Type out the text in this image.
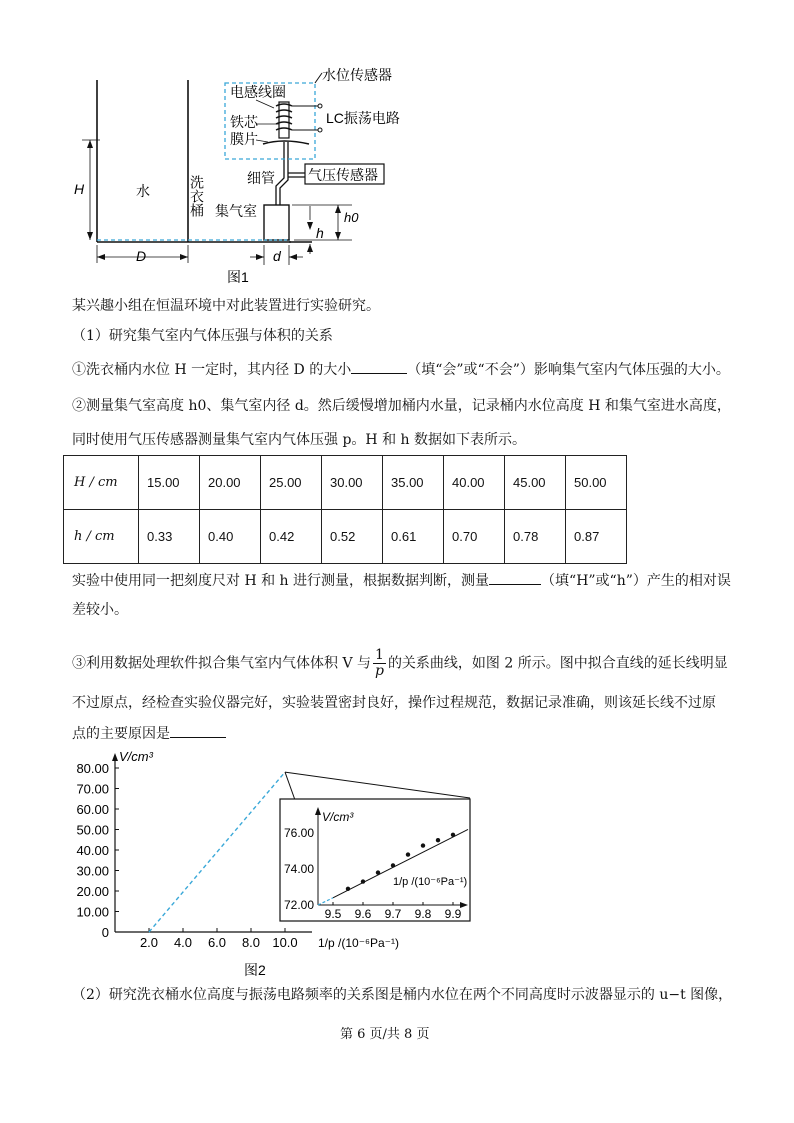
水位传感器
电感线圈
铁芯
膜片
LC振荡电路
气压传感器
细管
集气室
水	洗衣桶
H
D	d
h
h0
图1
某兴趣小组在恒温环境中对此装置进行实验研究。
（1）研究集气室内气体压强与体积的关系
①洗衣桶内水位 H 一定时，其内径 D 的大小	（填“会”或“不会”）影响集气室内气体压强的大小。
②测量集气室高度 h0、集气室内径 d。然后缓慢增加桶内水量，记录桶内水位高度 H 和集气室进水高度，
同时使用气压传感器测量集气室内气体压强 p。H 和 h 数据如下表所示。
H / cm	15.00	20.00	25.00	30.00	35.00	40.00	45.00	50.00
h / cm	0.33	0.40	0.42	0.52	0.61	0.70	0.78	0.87
实验中使用同一把刻度尺对 H 和 h 进行测量，根据数据判断，测量	（填“H”或“h”）产生的相对误
差较小。
③利用数据处理软件拟合集气室内气体体积 V 与 $\frac{1}{p}$ 的关系曲线，如图 2 所示。图中拟合直线的延长线明显
不过原点，经检查实验仪器完好，实验装置密封良好，操作过程规范，数据记录准确，则该延长线不过原
点的主要原因是
V/cm³
80.00
70.00
60.00
50.00
40.00
30.00
20.00
10.00
0
2.0 4.0 6.0 8.0 10.0 1/p /(10⁻⁶Pa⁻¹)
V/cm³
76.00
74.00
72.00
9.5 9.6 9.7 9.8 9.9
1/p /(10⁻⁶Pa⁻¹)
图2
（2）研究洗衣桶水位高度与振荡电路频率的关系图是桶内水位在两个不同高度时示波器显示的 u−t 图像，
第 6 页/共 8 页
